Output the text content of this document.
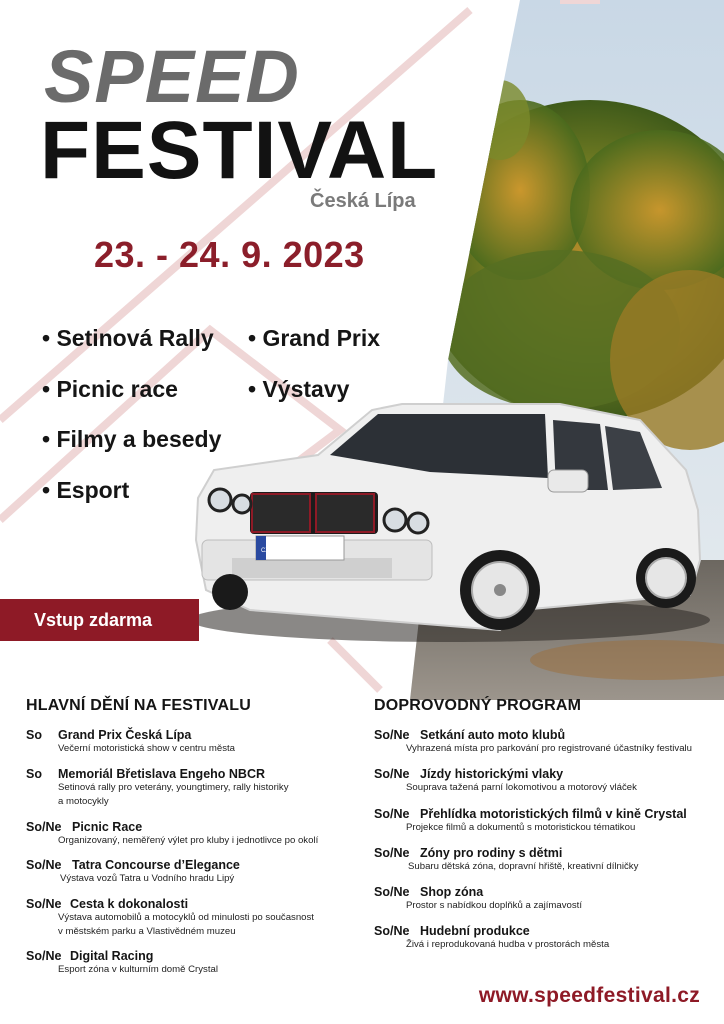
CZ
SPEED
FESTIVAL
Česká Lípa
23. - 24. 9. 2023
• Setinová Rally
• Picnic race
• Filmy a besedy
• Esport
• Grand Prix
• Výstavy
Vstup zdarma
HLAVNÍ DĚNÍ NA FESTIVALU
So Grand Prix Česká Lípa
Večerní motoristická show v centru města
So Memoriál Břetislava Engeho NBCR
Setinová rally pro veterány, youngtimery, rally historiky
a motocykly
So/Ne Picnic Race
Organizovaný, neměřený výlet pro kluby i jednotlivce po okolí
So/Ne Tatra Concourse d’Elegance
Výstava vozů Tatra u Vodního hradu Lipý
So/Ne Cesta k dokonalosti
Výstava automobilů a motocyklů od minulosti po současnost
v městském parku a Vlastivědném muzeu
So/Ne Digital Racing
Esport zóna v kulturním domě Crystal
DOPROVODNÝ PROGRAM
So/Ne Setkání auto moto klubů
Vyhrazená místa pro parkování pro registrované účastníky festivalu
So/Ne Jízdy historickými vlaky
Souprava tažená parní lokomotivou a motorový vláček
So/Ne Přehlídka motoristických filmů v kině Crystal
Projekce filmů a dokumentů s motoristickou tématikou
So/Ne Zóny pro rodiny s dětmi
Subaru dětská zóna, dopravní hřiště, kreativní dílničky
So/Ne Shop zóna
Prostor s nabídkou doplňků a zajímavostí
So/Ne Hudební produkce
Živá i reprodukovaná hudba v prostorách města
www.speedfestival.cz
